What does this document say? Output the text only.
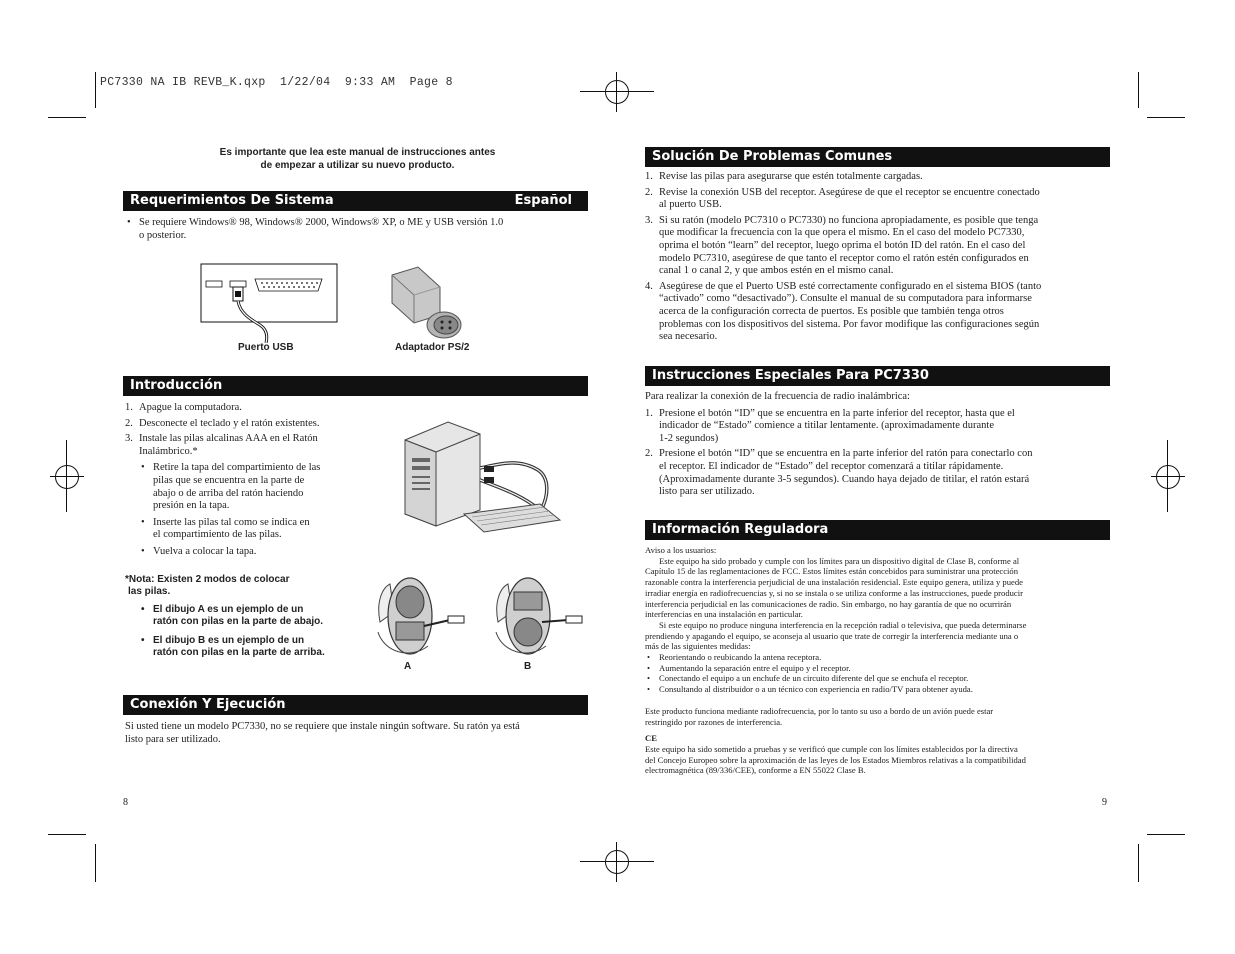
PC7330 NA IB REVB_K.qxp  1/22/04  9:33 AM  Page 8
Es importante que lea este manual de instrucciones antes
de empezar a utilizar su nuevo producto.
Requerimientos De Sistema	Español
• Se requiere Windows® 98, Windows® 2000, Windows® XP, o ME y USB versión 1.0
o posterior.
Puerto USB	Adaptador PS/2
Introducción
1. Apague la computadora.
2. Desconecte el teclado y el ratón existentes.
3. Instale las pilas alcalinas AAA en el Ratón
Inalámbrico.*
• Retire la tapa del compartimiento de las
pilas que se encuentra en la parte de
abajo o de arriba del ratón haciendo
presión en la tapa.
• Inserte las pilas tal como se indica en
el compartimiento de las pilas.
• Vuelva a colocar la tapa.
*Nota: Existen 2 modos de colocar
las pilas.
• El dibujo A es un ejemplo de un
ratón con pilas en la parte de abajo.
• El dibujo B es un ejemplo de un
ratón con pilas en la parte de arriba.
A	B
Conexión Y Ejecución
Si usted tiene un modelo PC7330, no se requiere que instale ningún software. Su ratón ya está
listo para ser utilizado.
8
Solución De Problemas Comunes
1. Revise las pilas para asegurarse que estén totalmente cargadas.
2. Revise la conexión USB del receptor. Asegúrese de que el receptor se encuentre conectado
al puerto USB.
3. Si su ratón (modelo PC7310 o PC7330) no funciona apropiadamente, es posible que tenga
que modificar la frecuencia con la que opera el mismo. En el caso del modelo PC7330,
oprima el botón “learn” del receptor, luego oprima el botón ID del ratón. En el caso del
modelo PC7310, asegúrese de que tanto el receptor como el ratón estén configurados en
canal 1 o canal 2, y que ambos estén en el mismo canal.
4. Asegúrese de que el Puerto USB esté correctamente configurado en el sistema BIOS (tanto
“activado” como “desactivado”). Consulte el manual de su computadora para informarse
acerca de la configuración correcta de puertos. Es posible que también tenga otros
problemas con los dispositivos del sistema. Por favor modifique las configuraciones según
sea necesario.
Instrucciones Especiales Para PC7330
Para realizar la conexión de la frecuencia de radio inalámbrica:
1. Presione el botón “ID” que se encuentra en la parte inferior del receptor, hasta que el
indicador de “Estado” comience a titilar lentamente. (aproximadamente durante
1-2 segundos)
2. Presione el botón “ID” que se encuentra en la parte inferior del ratón para conectarlo con
el receptor. El indicador de “Estado” del receptor comenzará a titilar rápidamente.
(Aproximadamente durante 3-5 segundos). Cuando haya dejado de titilar, el ratón estará
listo para ser utilizado.
Información Reguladora
Aviso a los usuarios:
Este equipo ha sido probado y cumple con los límites para un dispositivo digital de Clase B, conforme al
Capítulo 15 de las reglamentaciones de FCC. Estos límites están concebidos para suministrar una protección
razonable contra la interferencia perjudicial de una instalación residencial. Este equipo genera, utiliza y puede
irradiar energía en radiofrecuencias y, si no se instala o se utiliza conforme a las instrucciones, puede producir
interferencia perjudicial en las comunicaciones de radio. Sin embargo, no hay garantía de que no ocurrirán
interferencias en una instalación en particular.
Si este equipo no produce ninguna interferencia en la recepción radial o televisiva, que pueda determinarse
prendiendo y apagando el equipo, se aconseja al usuario que trate de corregir la interferencia mediante una o
más de las siguientes medidas:
• Reorientando o reubicando la antena receptora.
• Aumentando la separación entre el equipo y el receptor.
• Conectando el equipo a un enchufe de un circuito diferente del que se enchufa el receptor.
• Consultando al distribuidor o a un técnico con experiencia en radio/TV para obtener ayuda.
Este producto funciona mediante radiofrecuencia, por lo tanto su uso a bordo de un avión puede estar
restringido por razones de interferencia.
CE
Este equipo ha sido sometido a pruebas y se verificó que cumple con los límites establecidos por la directiva
del Concejo Europeo sobre la aproximación de las leyes de los Estados Miembros relativas a la compatibilidad
electromagnética (89/336/CEE), conforme a EN 55022 Clase B.
9
